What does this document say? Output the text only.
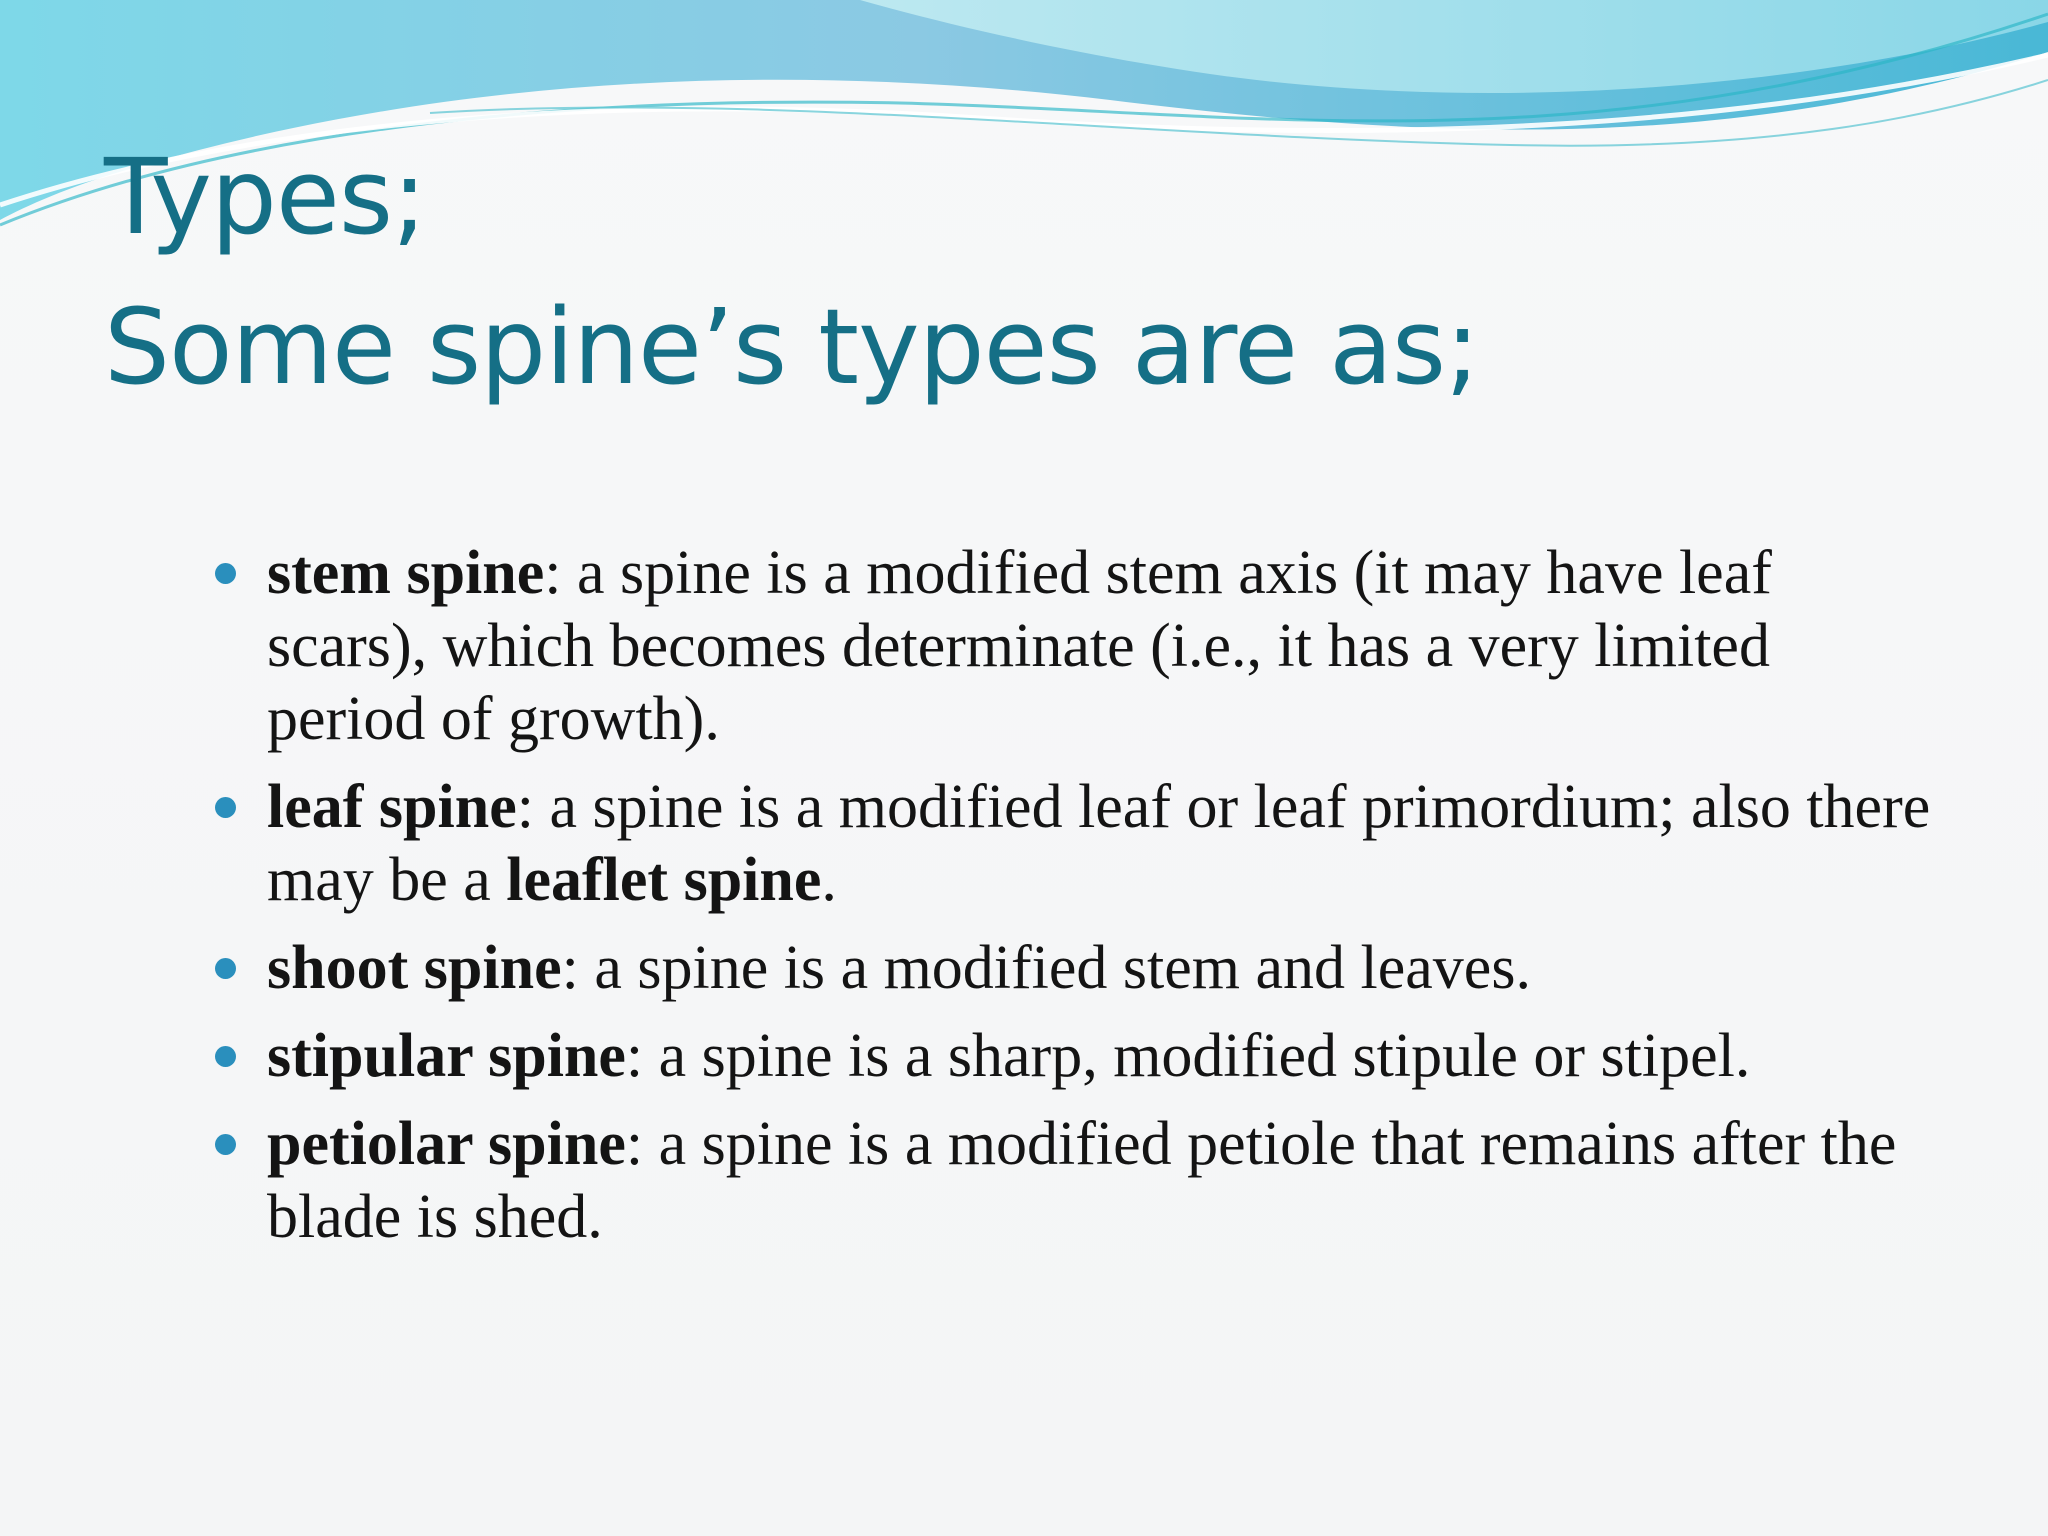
Types;
Some spine’s types are as;
stem spine: a spine is a modified stem axis (it may have leaf scars), which becomes determinate (i.e., it has a very limited period of growth).
leaf spine: a spine is a modified leaf or leaf primordium; also there may be a leaflet spine.
shoot spine: a spine is a modified stem and leaves.
stipular spine: a spine is a sharp, modified stipule or stipel.
petiolar spine: a spine is a modified petiole that remains after the blade is shed.
